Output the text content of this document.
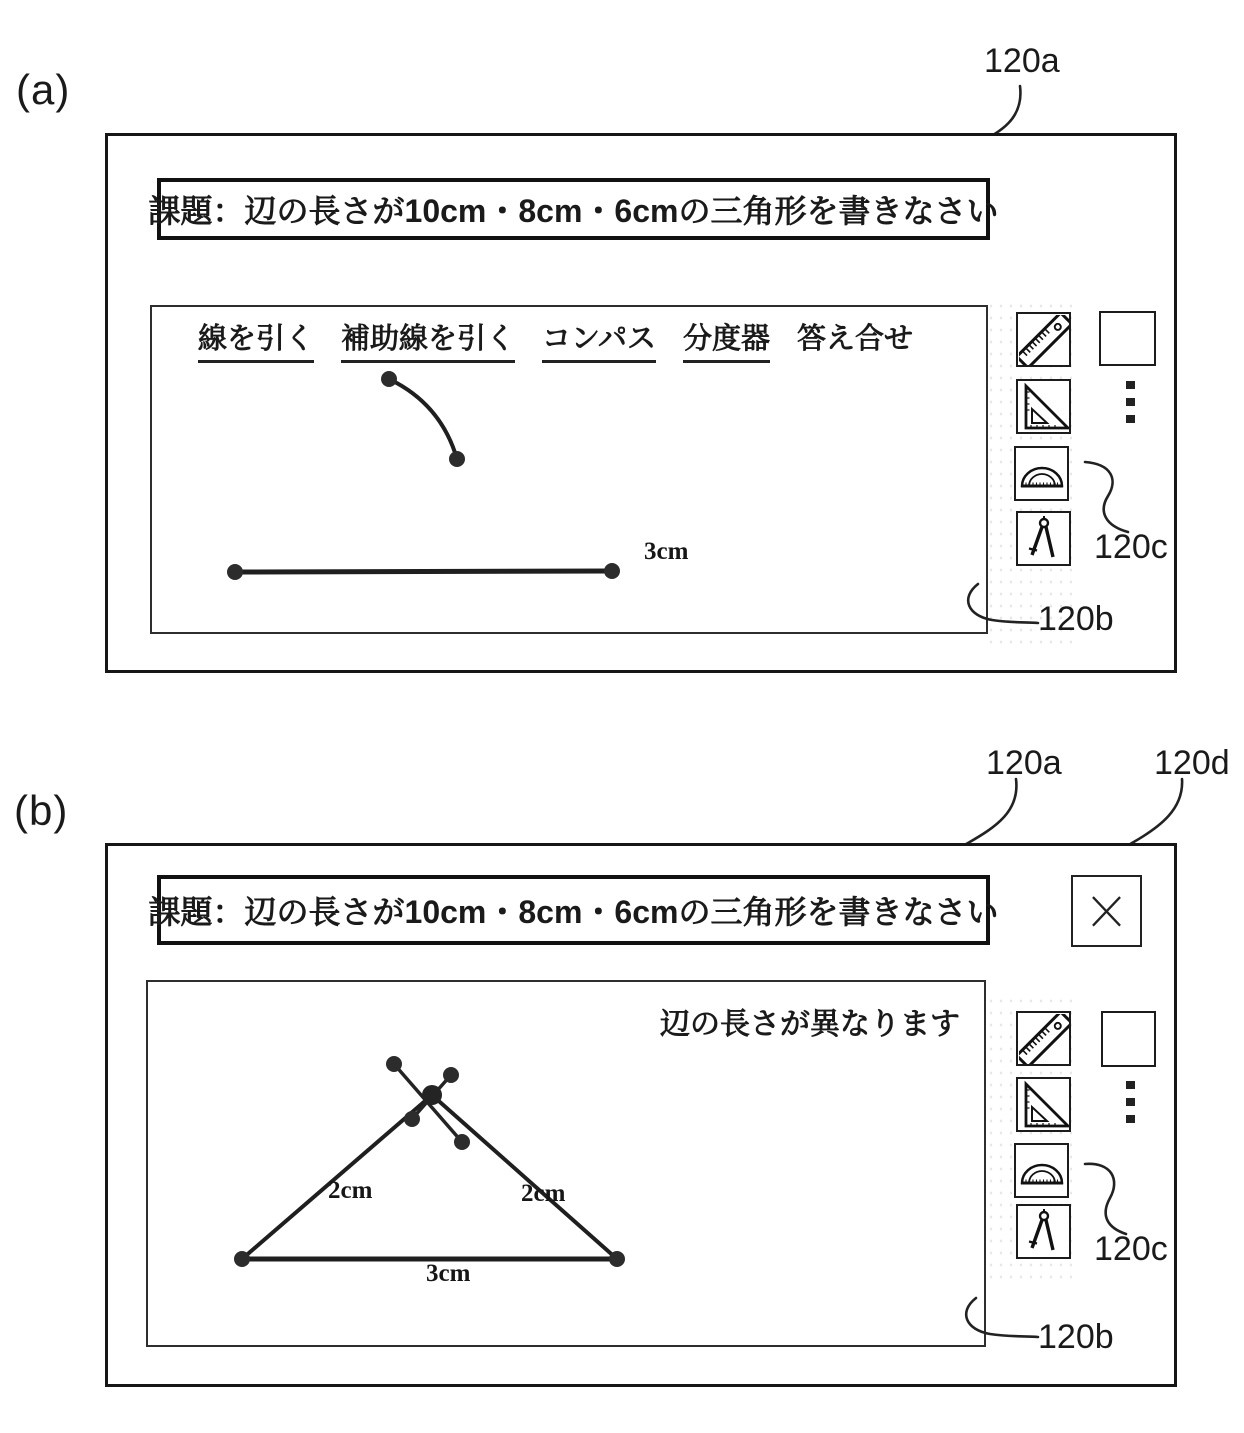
(a)
120a
課題：辺の長さが10cm・8cm・6cmの三角形を書きなさい
線を引く 補助線を引く コンパス 分度器 答え合せ
3cm	120c
120b
(b)
120a	120d
課題：辺の長さが10cm・8cm・6cmの三角形を書きなさい
辺の長さが異なります
2cm	2cm
3cm
120c
120b
